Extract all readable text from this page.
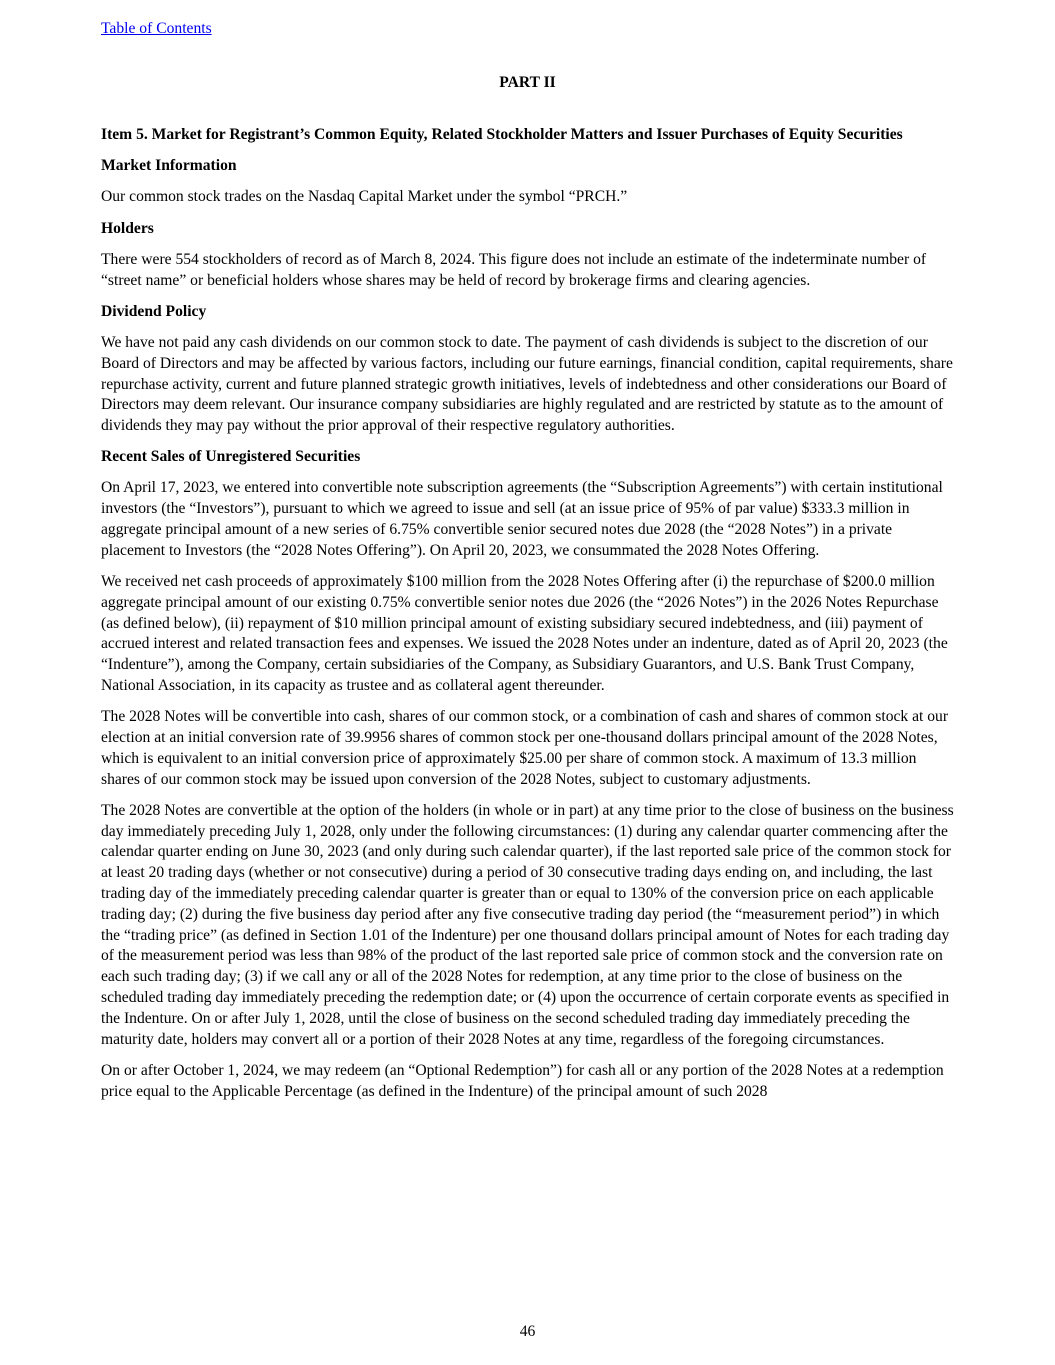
Table of Contents
PART II
Item 5. Market for Registrant’s Common Equity, Related Stockholder Matters and Issuer Purchases of Equity Securities
Market Information

Our common stock trades on the Nasdaq Capital Market under the symbol “PRCH.”

Holders

There were 554 stockholders of record as of March 8, 2024. This figure does not include an estimate of the indeterminate number of “street name” or beneficial holders whose shares may be held of record by brokerage firms and clearing agencies.

Dividend Policy

We have not paid any cash dividends on our common stock to date. The payment of cash dividends is subject to the discretion of our Board of Directors and may be affected by various factors, including our future earnings, financial condition, capital requirements, share repurchase activity, current and future planned strategic growth initiatives, levels of indebtedness and other considerations our Board of Directors may deem relevant. Our insurance company subsidiaries are highly regulated and are restricted by statute as to the amount of dividends they may pay without the prior approval of their respective regulatory authorities.

Recent Sales of Unregistered Securities

On April 17, 2023, we entered into convertible note subscription agreements (the “Subscription Agreements”) with certain institutional investors (the “Investors”), pursuant to which we agreed to issue and sell (at an issue price of 95% of par value) $333.3 million in aggregate principal amount of a new series of 6.75% convertible senior secured notes due 2028 (the “2028 Notes”) in a private placement to Investors (the “2028 Notes Offering”). On April 20, 2023, we consummated the 2028 Notes Offering.

We received net cash proceeds of approximately $100 million from the 2028 Notes Offering after (i) the repurchase of $200.0 million aggregate principal amount of our existing 0.75% convertible senior notes due 2026 (the “2026 Notes”) in the 2026 Notes Repurchase (as defined below), (ii) repayment of $10 million principal amount of existing subsidiary secured indebtedness, and (iii) payment of accrued interest and related transaction fees and expenses. We issued the 2028 Notes under an indenture, dated as of April 20, 2023 (the “Indenture”), among the Company, certain subsidiaries of the Company, as Subsidiary Guarantors, and U.S. Bank Trust Company, National Association, in its capacity as trustee and as collateral agent thereunder.

The 2028 Notes will be convertible into cash, shares of our common stock, or a combination of cash and shares of common stock at our election at an initial conversion rate of 39.9956 shares of common stock per one-thousand dollars principal amount of the 2028 Notes, which is equivalent to an initial conversion price of approximately $25.00 per share of common stock. A maximum of 13.3 million shares of our common stock may be issued upon conversion of the 2028 Notes, subject to customary adjustments.

The 2028 Notes are convertible at the option of the holders (in whole or in part) at any time prior to the close of business on the business day immediately preceding July 1, 2028, only under the following circumstances: (1) during any calendar quarter commencing after the calendar quarter ending on June 30, 2023 (and only during such calendar quarter), if the last reported sale price of the common stock for at least 20 trading days (whether or not consecutive) during a period of 30 consecutive trading days ending on, and including, the last trading day of the immediately preceding calendar quarter is greater than or equal to 130% of the conversion price on each applicable trading day; (2) during the five business day period after any five consecutive trading day period (the “measurement period”) in which the “trading price” (as defined in Section 1.01 of the Indenture) per one thousand dollars principal amount of Notes for each trading day of the measurement period was less than 98% of the product of the last reported sale price of common stock and the conversion rate on each such trading day; (3) if we call any or all of the 2028 Notes for redemption, at any time prior to the close of business on the scheduled trading day immediately preceding the redemption date; or (4) upon the occurrence of certain corporate events as specified in the Indenture. On or after July 1, 2028, until the close of business on the second scheduled trading day immediately preceding the maturity date, holders may convert all or a portion of their 2028 Notes at any time, regardless of the foregoing circumstances.

On or after October 1, 2024, we may redeem (an “Optional Redemption”) for cash all or any portion of the 2028 Notes at a redemption price equal to the Applicable Percentage (as defined in the Indenture) of the principal amount of such 2028

46
